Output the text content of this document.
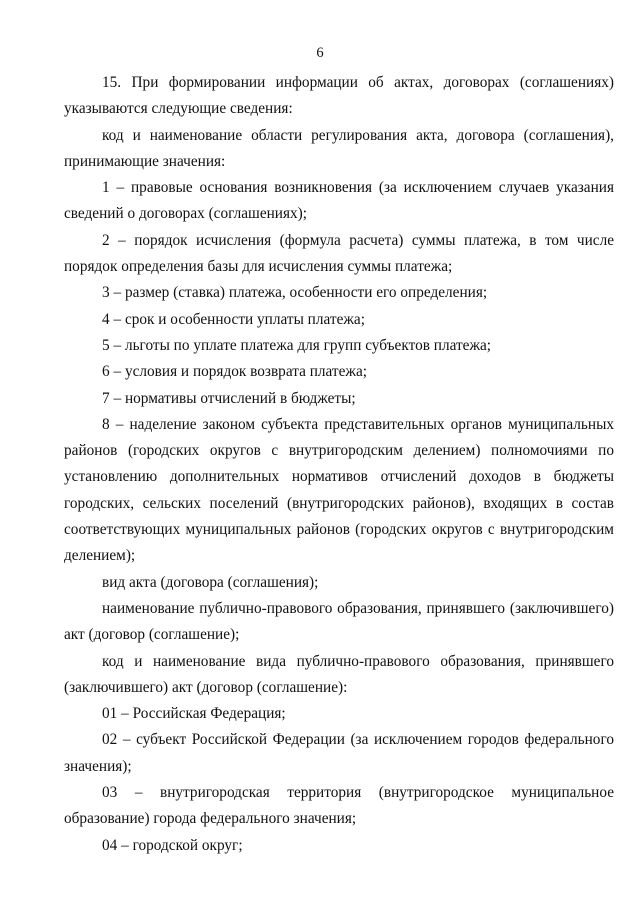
6

15. При формировании информации об актах, договорах (соглашениях) указываются следующие сведения:

код и наименование области регулирования акта, договора (соглашения), принимающие значения:

1 – правовые основания возникновения (за исключением случаев указания сведений о договорах (соглашениях);

2 – порядок исчисления (формула расчета) суммы платежа, в том числе порядок определения базы для исчисления суммы платежа;

3 – размер (ставка) платежа, особенности его определения;

4 – срок и особенности уплаты платежа;

5 – льготы по уплате платежа для групп субъектов платежа;

6 – условия и порядок возврата платежа;

7 – нормативы отчислений в бюджеты;

8 – наделение законом субъекта представительных органов муниципальных районов (городских округов с внутригородским делением) полномочиями по установлению дополнительных нормативов отчислений доходов в бюджеты городских, сельских поселений (внутригородских районов), входящих в состав соответствующих муниципальных районов (городских округов с внутригородским делением);

вид акта (договора (соглашения);

наименование публично-правового образования, принявшего (заключившего) акт (договор (соглашение);

код и наименование вида публично-правового образования, принявшего (заключившего) акт (договор (соглашение):

01 – Российская Федерация;

02 – субъект Российской Федерации (за исключением городов федерального значения);

03 – внутригородская территория (внутригородское муниципальное образование) города федерального значения;

04 – городской округ;
